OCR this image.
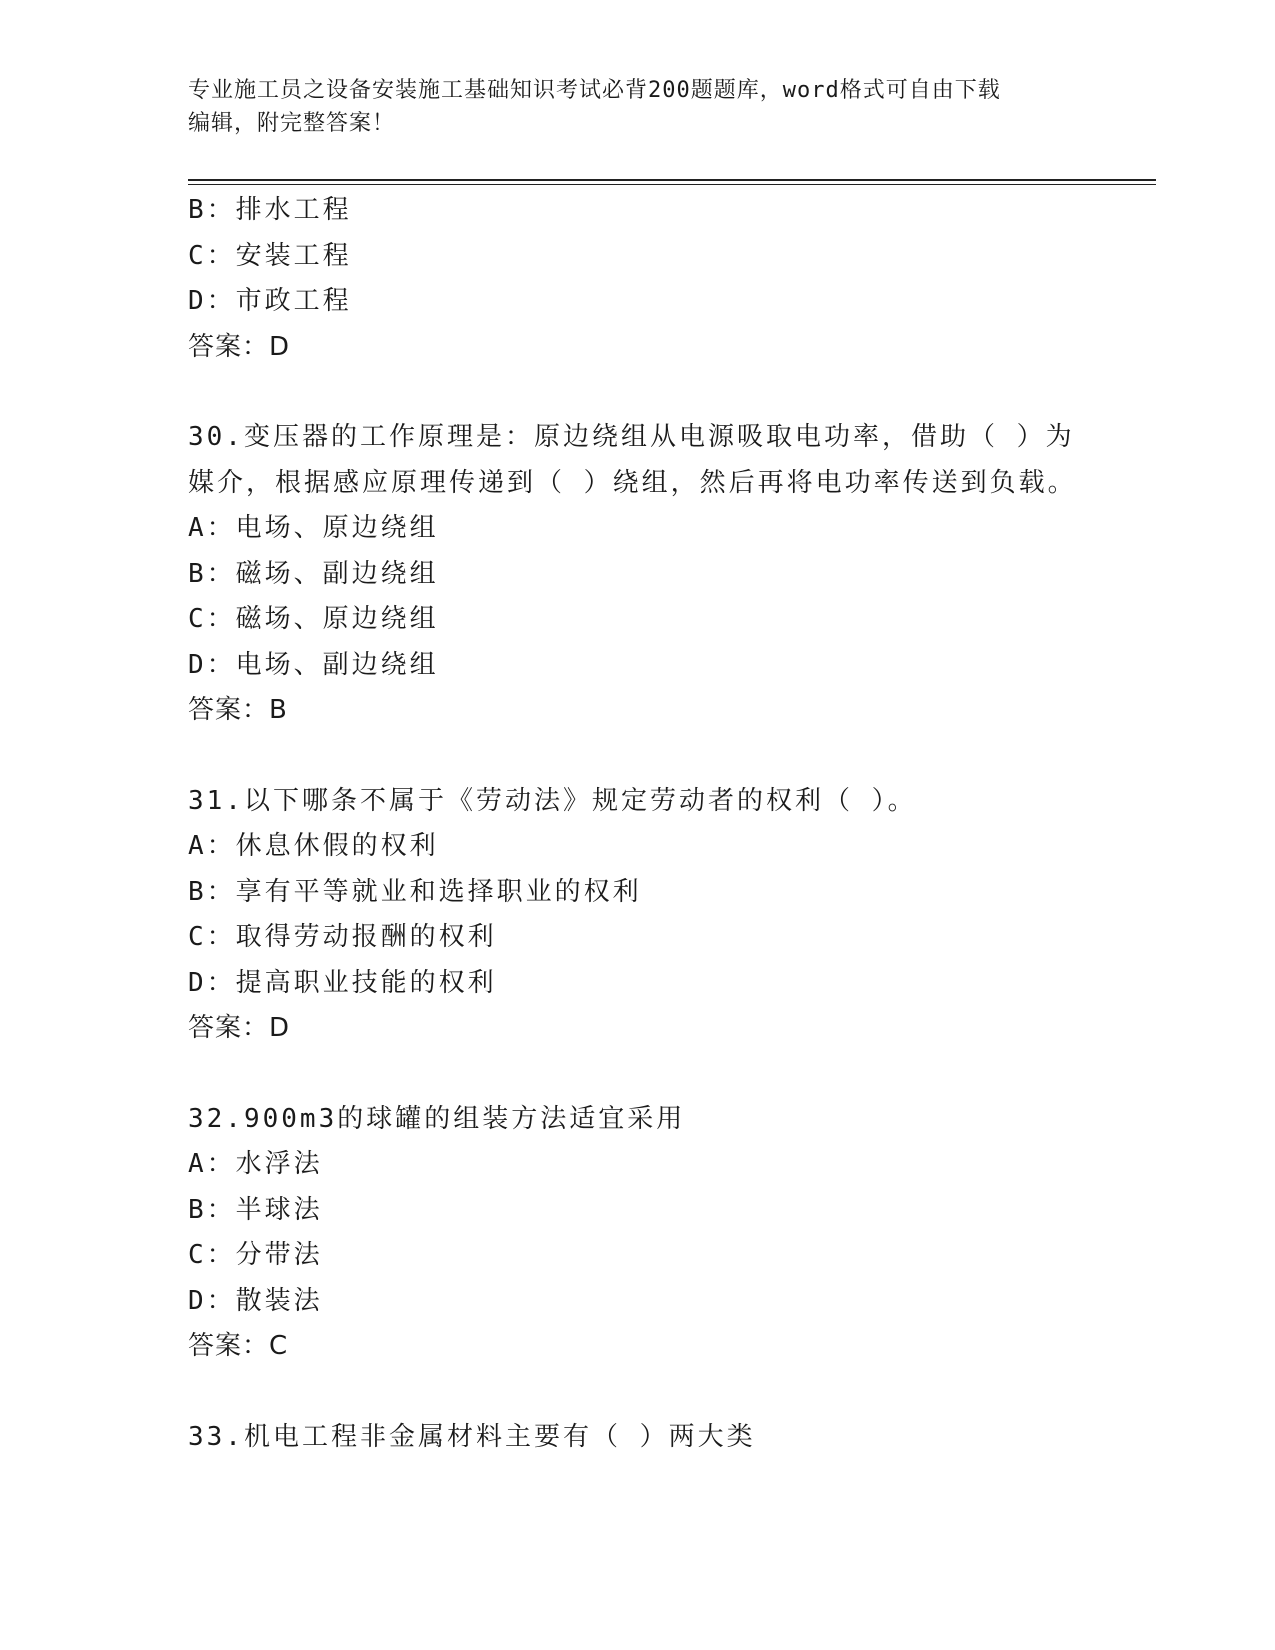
专业施工员之设备安装施工基础知识考试必背200题题库，word格式可自由下载
编辑，附完整答案！
B：排水工程
C：安装工程
D：市政工程
答案：D
30.变压器的工作原理是：原边绕组从电源吸取电功率，借助（ ）为
媒介，根据感应原理传递到（ ）绕组，然后再将电功率传送到负载。
A：电场、原边绕组
B：磁场、副边绕组
C：磁场、原边绕组
D：电场、副边绕组
答案：B
31.以下哪条不属于《劳动法》规定劳动者的权利（ ）。
A：休息休假的权利
B：享有平等就业和选择职业的权利
C：取得劳动报酬的权利
D：提高职业技能的权利
答案：D
32.900m3的球罐的组装方法适宜采用
A：水浮法
B：半球法
C：分带法
D：散装法
答案：C
33.机电工程非金属材料主要有（ ）两大类
